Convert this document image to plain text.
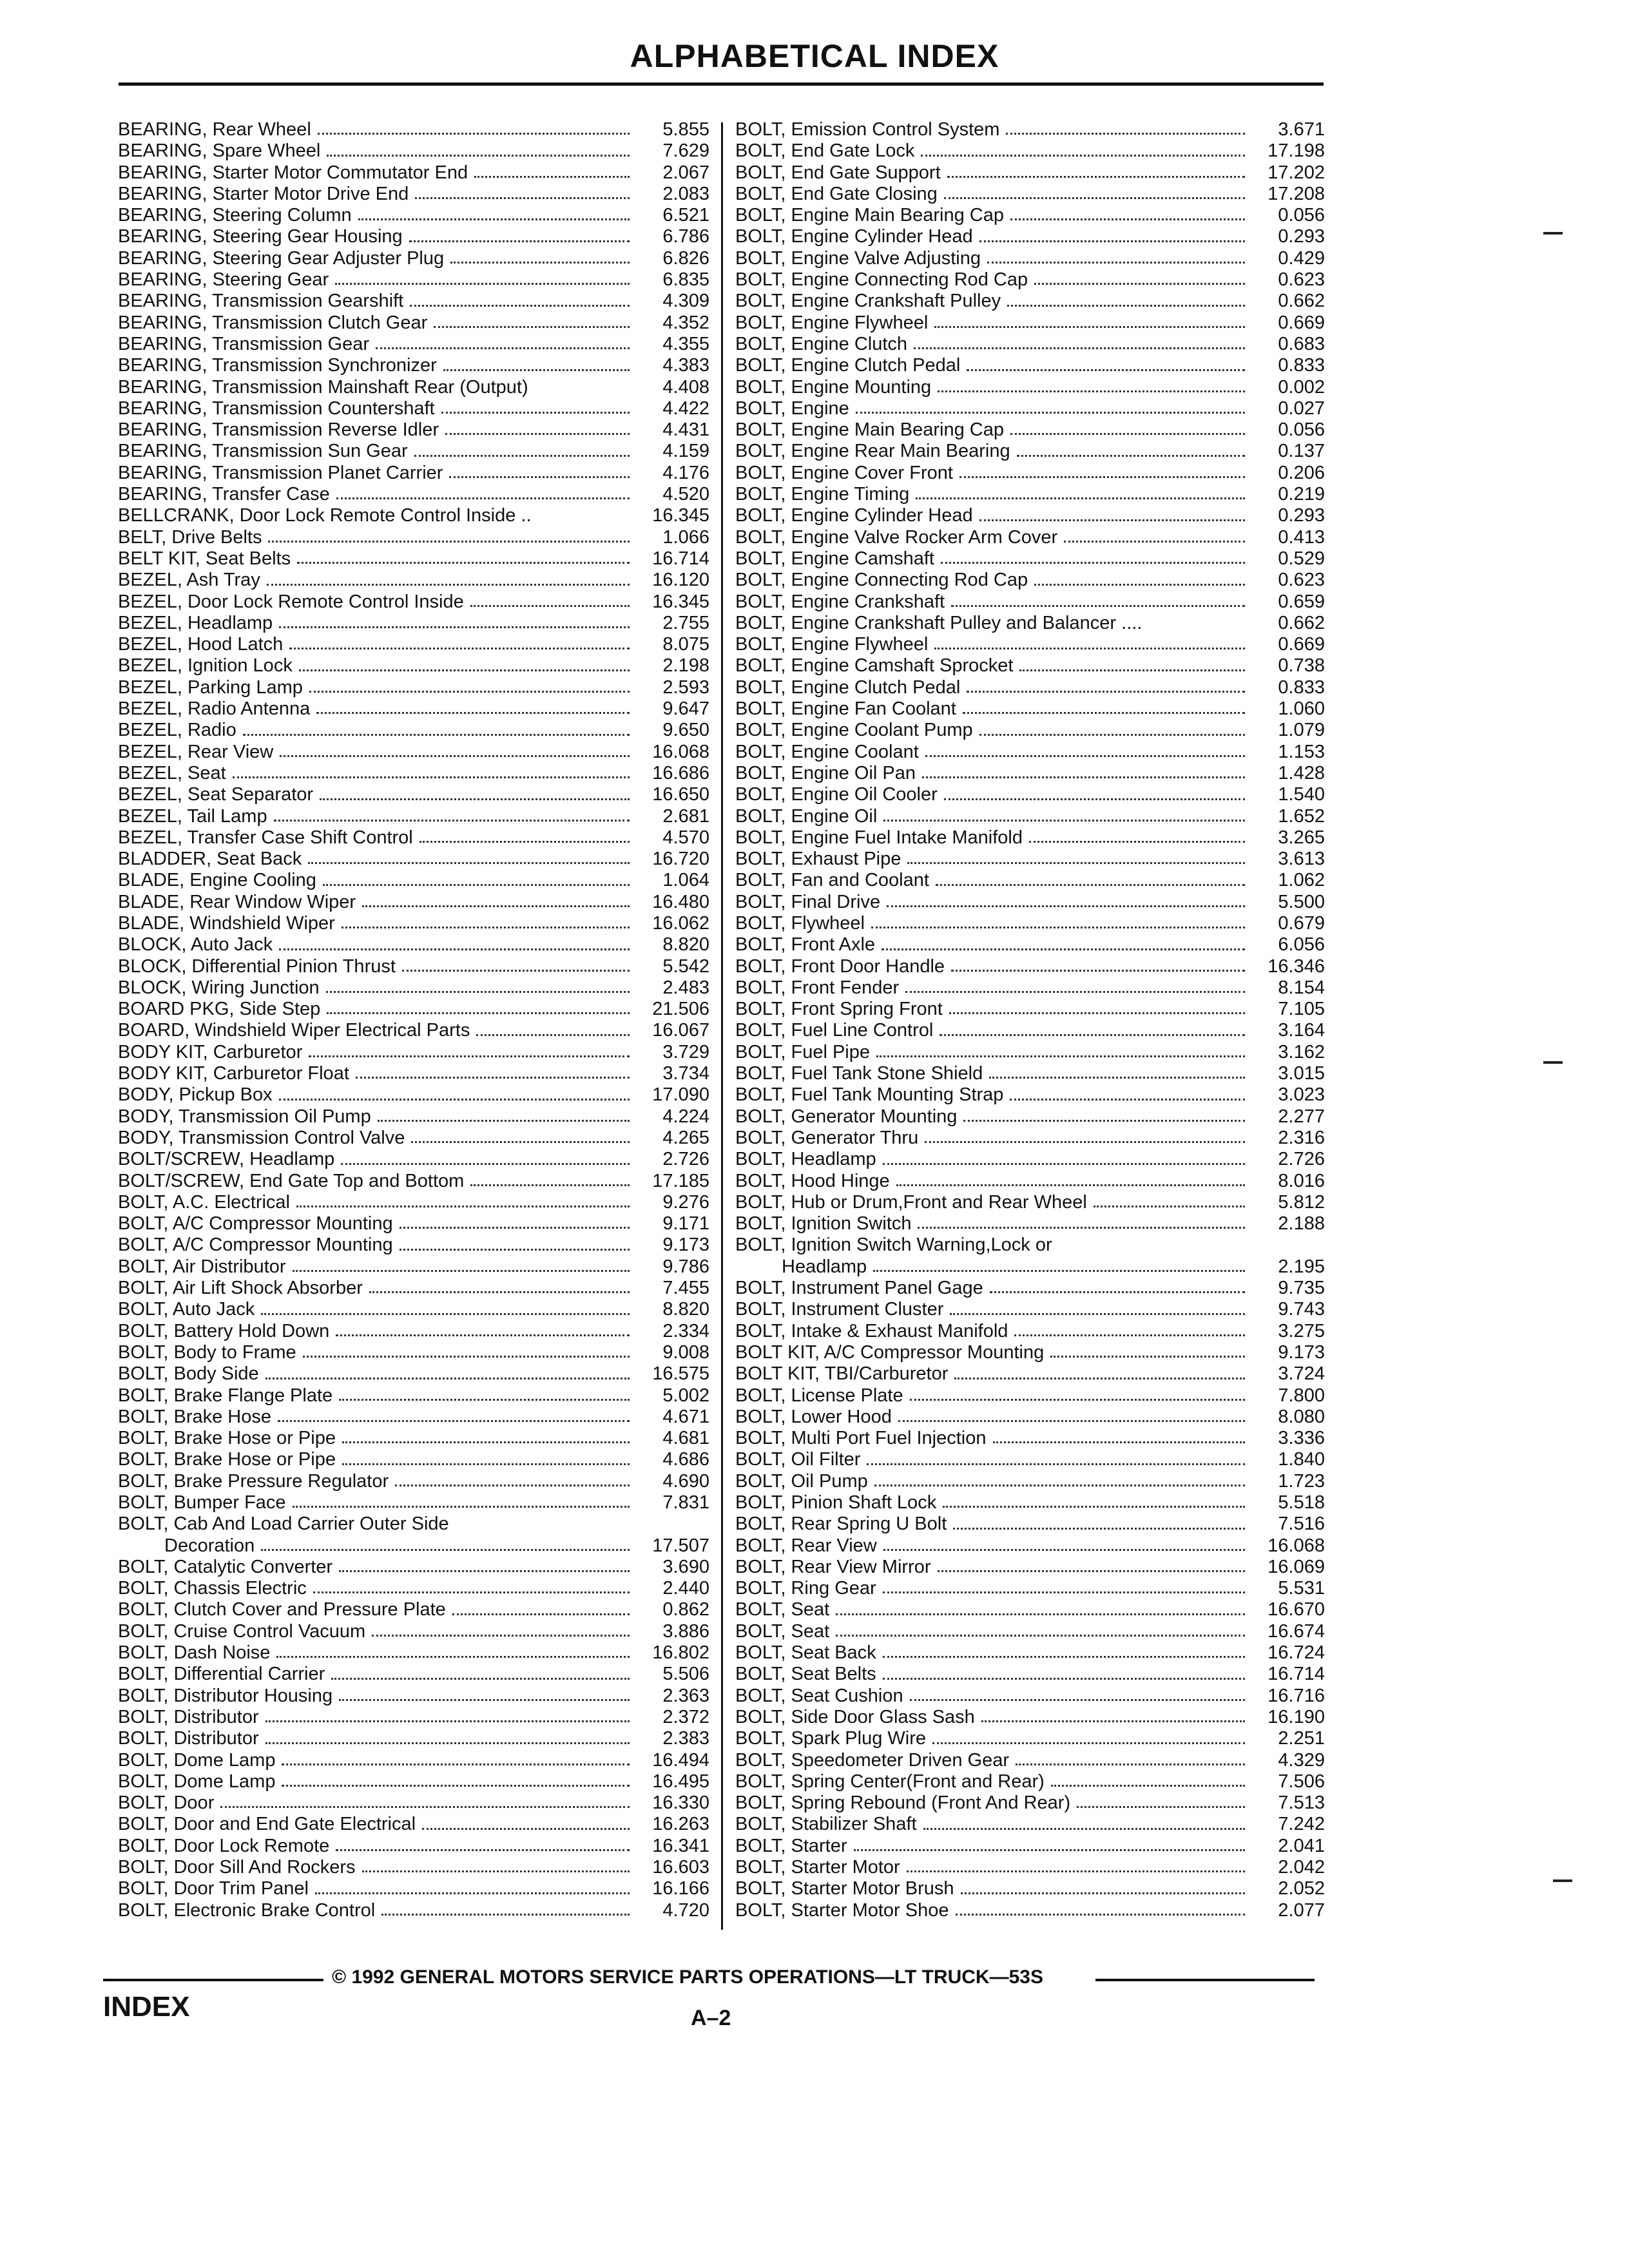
ALPHABETICAL INDEX
BEARING, Rear Wheel	5.855
BEARING, Spare Wheel	7.629
BEARING, Starter Motor Commutator End	2.067
BEARING, Starter Motor Drive End	2.083
BEARING, Steering Column	6.521
BEARING, Steering Gear Housing	6.786
BEARING, Steering Gear Adjuster Plug	6.826
BEARING, Steering Gear	6.835
BEARING, Transmission Gearshift	4.309
BEARING, Transmission Clutch Gear	4.352
BEARING, Transmission Gear	4.355
BEARING, Transmission Synchronizer	4.383
BEARING, Transmission Mainshaft Rear (Output)	4.408
BEARING, Transmission Countershaft	4.422
BEARING, Transmission Reverse Idler	4.431
BEARING, Transmission Sun Gear	4.159
BEARING, Transmission Planet Carrier	4.176
BEARING, Transfer Case	4.520
BELLCRANK, Door Lock Remote Control Inside ..	16.345
BELT, Drive Belts	1.066
BELT KIT, Seat Belts	16.714
BEZEL, Ash Tray	16.120
BEZEL, Door Lock Remote Control Inside	16.345
BEZEL, Headlamp	2.755
BEZEL, Hood Latch	8.075
BEZEL, Ignition Lock	2.198
BEZEL, Parking Lamp	2.593
BEZEL, Radio Antenna	9.647
BEZEL, Radio	9.650
BEZEL, Rear View	16.068
BEZEL, Seat	16.686
BEZEL, Seat Separator	16.650
BEZEL, Tail Lamp	2.681
BEZEL, Transfer Case Shift Control	4.570
BLADDER, Seat Back	16.720
BLADE, Engine Cooling	1.064
BLADE, Rear Window Wiper	16.480
BLADE, Windshield Wiper	16.062
BLOCK, Auto Jack	8.820
BLOCK, Differential Pinion Thrust	5.542
BLOCK, Wiring Junction	2.483
BOARD PKG, Side Step	21.506
BOARD, Windshield Wiper Electrical Parts	16.067
BODY KIT, Carburetor	3.729
BODY KIT, Carburetor Float	3.734
BODY, Pickup Box	17.090
BODY, Transmission Oil Pump	4.224
BODY, Transmission Control Valve	4.265
BOLT/SCREW, Headlamp	2.726
BOLT/SCREW, End Gate Top and Bottom	17.185
BOLT, A.C. Electrical	9.276
BOLT, A/C Compressor Mounting	9.171
BOLT, A/C Compressor Mounting	9.173
BOLT, Air Distributor	9.786
BOLT, Air Lift Shock Absorber	7.455
BOLT, Auto Jack	8.820
BOLT, Battery Hold Down	2.334
BOLT, Body to Frame	9.008
BOLT, Body Side	16.575
BOLT, Brake Flange Plate	5.002
BOLT, Brake Hose	4.671
BOLT, Brake Hose or Pipe	4.681
BOLT, Brake Hose or Pipe	4.686
BOLT, Brake Pressure Regulator	4.690
BOLT, Bumper Face	7.831
BOLT, Cab And Load Carrier Outer Side
Decoration	17.507
BOLT, Catalytic Converter	3.690
BOLT, Chassis Electric	2.440
BOLT, Clutch Cover and Pressure Plate	0.862
BOLT, Cruise Control Vacuum	3.886
BOLT, Dash Noise	16.802
BOLT, Differential Carrier	5.506
BOLT, Distributor Housing	2.363
BOLT, Distributor	2.372
BOLT, Distributor	2.383
BOLT, Dome Lamp	16.494
BOLT, Dome Lamp	16.495
BOLT, Door	16.330
BOLT, Door and End Gate Electrical	16.263
BOLT, Door Lock Remote	16.341
BOLT, Door Sill And Rockers	16.603
BOLT, Door Trim Panel	16.166
BOLT, Electronic Brake Control	4.720
BOLT, Emission Control System	3.671
BOLT, End Gate Lock	17.198
BOLT, End Gate Support	17.202
BOLT, End Gate Closing	17.208
BOLT, Engine Main Bearing Cap	0.056
BOLT, Engine Cylinder Head	0.293
BOLT, Engine Valve Adjusting	0.429
BOLT, Engine Connecting Rod Cap	0.623
BOLT, Engine Crankshaft Pulley	0.662
BOLT, Engine Flywheel	0.669
BOLT, Engine Clutch	0.683
BOLT, Engine Clutch Pedal	0.833
BOLT, Engine Mounting	0.002
BOLT, Engine	0.027
BOLT, Engine Main Bearing Cap	0.056
BOLT, Engine Rear Main Bearing	0.137
BOLT, Engine Cover Front	0.206
BOLT, Engine Timing	0.219
BOLT, Engine Cylinder Head	0.293
BOLT, Engine Valve Rocker Arm Cover	0.413
BOLT, Engine Camshaft	0.529
BOLT, Engine Connecting Rod Cap	0.623
BOLT, Engine Crankshaft	0.659
BOLT, Engine Crankshaft Pulley and Balancer ....	0.662
BOLT, Engine Flywheel	0.669
BOLT, Engine Camshaft Sprocket	0.738
BOLT, Engine Clutch Pedal	0.833
BOLT, Engine Fan Coolant	1.060
BOLT, Engine Coolant Pump	1.079
BOLT, Engine Coolant	1.153
BOLT, Engine Oil Pan	1.428
BOLT, Engine Oil Cooler	1.540
BOLT, Engine Oil	1.652
BOLT, Engine Fuel Intake Manifold	3.265
BOLT, Exhaust Pipe	3.613
BOLT, Fan and Coolant	1.062
BOLT, Final Drive	5.500
BOLT, Flywheel	0.679
BOLT, Front Axle	6.056
BOLT, Front Door Handle	16.346
BOLT, Front Fender	8.154
BOLT, Front Spring Front	7.105
BOLT, Fuel Line Control	3.164
BOLT, Fuel Pipe	3.162
BOLT, Fuel Tank Stone Shield	3.015
BOLT, Fuel Tank Mounting Strap	3.023
BOLT, Generator Mounting	2.277
BOLT, Generator Thru	2.316
BOLT, Headlamp	2.726
BOLT, Hood Hinge	8.016
BOLT, Hub or Drum,Front and Rear Wheel	5.812
BOLT, Ignition Switch	2.188
BOLT, Ignition Switch Warning,Lock or
Headlamp	2.195
BOLT, Instrument Panel Gage	9.735
BOLT, Instrument Cluster	9.743
BOLT, Intake & Exhaust Manifold	3.275
BOLT KIT, A/C Compressor Mounting	9.173
BOLT KIT, TBI/Carburetor	3.724
BOLT, License Plate	7.800
BOLT, Lower Hood	8.080
BOLT, Multi Port Fuel Injection	3.336
BOLT, Oil Filter	1.840
BOLT, Oil Pump	1.723
BOLT, Pinion Shaft Lock	5.518
BOLT, Rear Spring U Bolt	7.516
BOLT, Rear View	16.068
BOLT, Rear View Mirror	16.069
BOLT, Ring Gear	5.531
BOLT, Seat	16.670
BOLT, Seat	16.674
BOLT, Seat Back	16.724
BOLT, Seat Belts	16.714
BOLT, Seat Cushion	16.716
BOLT, Side Door Glass Sash	16.190
BOLT, Spark Plug Wire	2.251
BOLT, Speedometer Driven Gear	4.329
BOLT, Spring Center(Front and Rear)	7.506
BOLT, Spring Rebound (Front And Rear)	7.513
BOLT, Stabilizer Shaft	7.242
BOLT, Starter	2.041
BOLT, Starter Motor	2.042
BOLT, Starter Motor Brush	2.052
BOLT, Starter Motor Shoe	2.077
© 1992 GENERAL MOTORS SERVICE PARTS OPERATIONS—LT TRUCK—53S
INDEX	A–2
